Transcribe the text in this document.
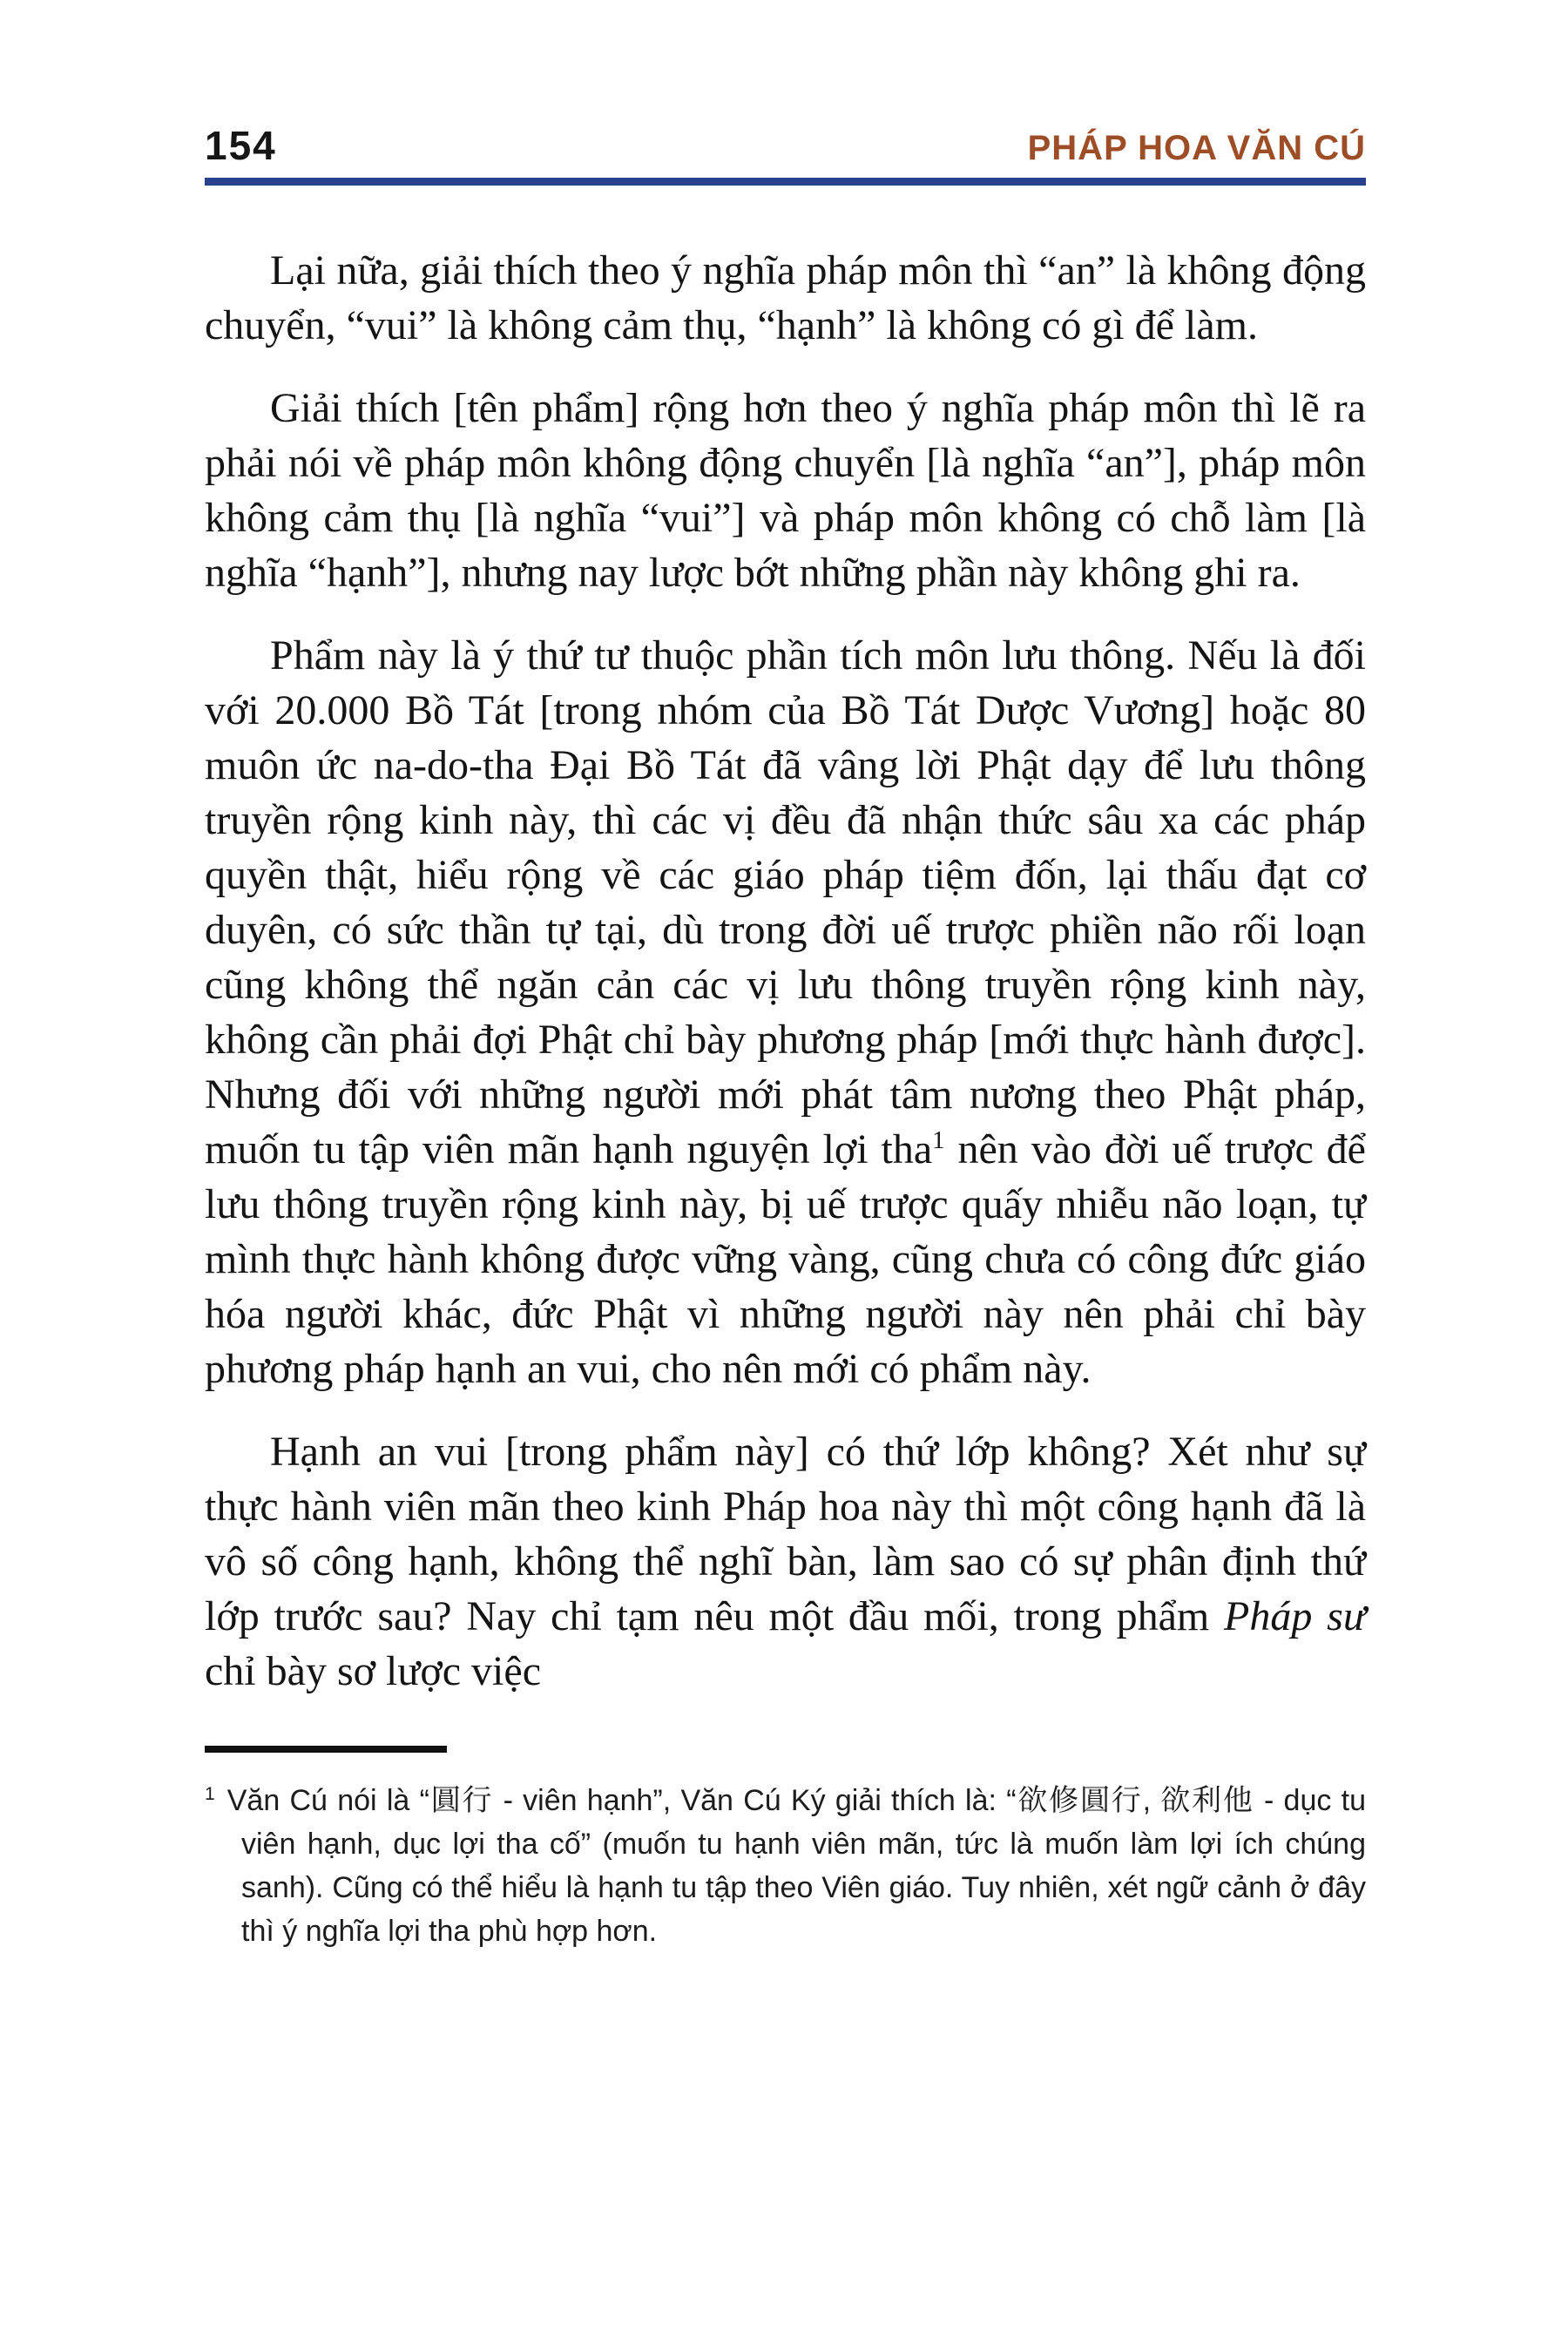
154	PHÁP HOA VĂN CÚ

Lại nữa, giải thích theo ý nghĩa pháp môn thì “an” là không động chuyển, “vui” là không cảm thụ, “hạnh” là không có gì để làm.

Giải thích [tên phẩm] rộng hơn theo ý nghĩa pháp môn thì lẽ ra phải nói về pháp môn không động chuyển [là nghĩa “an”], pháp môn không cảm thụ [là nghĩa “vui”] và pháp môn không có chỗ làm [là nghĩa “hạnh”], nhưng nay lược bớt những phần này không ghi ra.

Phẩm này là ý thứ tư thuộc phần tích môn lưu thông. Nếu là đối với 20.000 Bồ Tát [trong nhóm của Bồ Tát Dược Vương] hoặc 80 muôn ức na-do-tha Đại Bồ Tát đã vâng lời Phật dạy để lưu thông truyền rộng kinh này, thì các vị đều đã nhận thức sâu xa các pháp quyền thật, hiểu rộng về các giáo pháp tiệm đốn, lại thấu đạt cơ duyên, có sức thần tự tại, dù trong đời uế trược phiền não rối loạn cũng không thể ngăn cản các vị lưu thông truyền rộng kinh này, không cần phải đợi Phật chỉ bày phương pháp [mới thực hành được]. Nhưng đối với những người mới phát tâm nương theo Phật pháp, muốn tu tập viên mãn hạnh nguyện lợi tha$^1$ nên vào đời uế trược để lưu thông truyền rộng kinh này, bị uế trược quấy nhiễu não loạn, tự mình thực hành không được vững vàng, cũng chưa có công đức giáo hóa người khác, đức Phật vì những người này nên phải chỉ bày phương pháp hạnh an vui, cho nên mới có phẩm này.

Hạnh an vui [trong phẩm này] có thứ lớp không? Xét như sự thực hành viên mãn theo kinh Pháp hoa này thì một công hạnh đã là vô số công hạnh, không thể nghĩ bàn, làm sao có sự phân định thứ lớp trước sau? Nay chỉ tạm nêu một đầu mối, trong phẩm Pháp sư chỉ bày sơ lược việc

$^1$ Văn Cú nói là “圓行 - viên hạnh”, Văn Cú Ký giải thích là: “欲修圓行, 欲利他 - dục tu viên hạnh, dục lợi tha cố” (muốn tu hạnh viên mãn, tức là muốn làm lợi ích chúng sanh). Cũng có thể hiểu là hạnh tu tập theo Viên giáo. Tuy nhiên, xét ngữ cảnh ở đây thì ý nghĩa lợi tha phù hợp hơn.
